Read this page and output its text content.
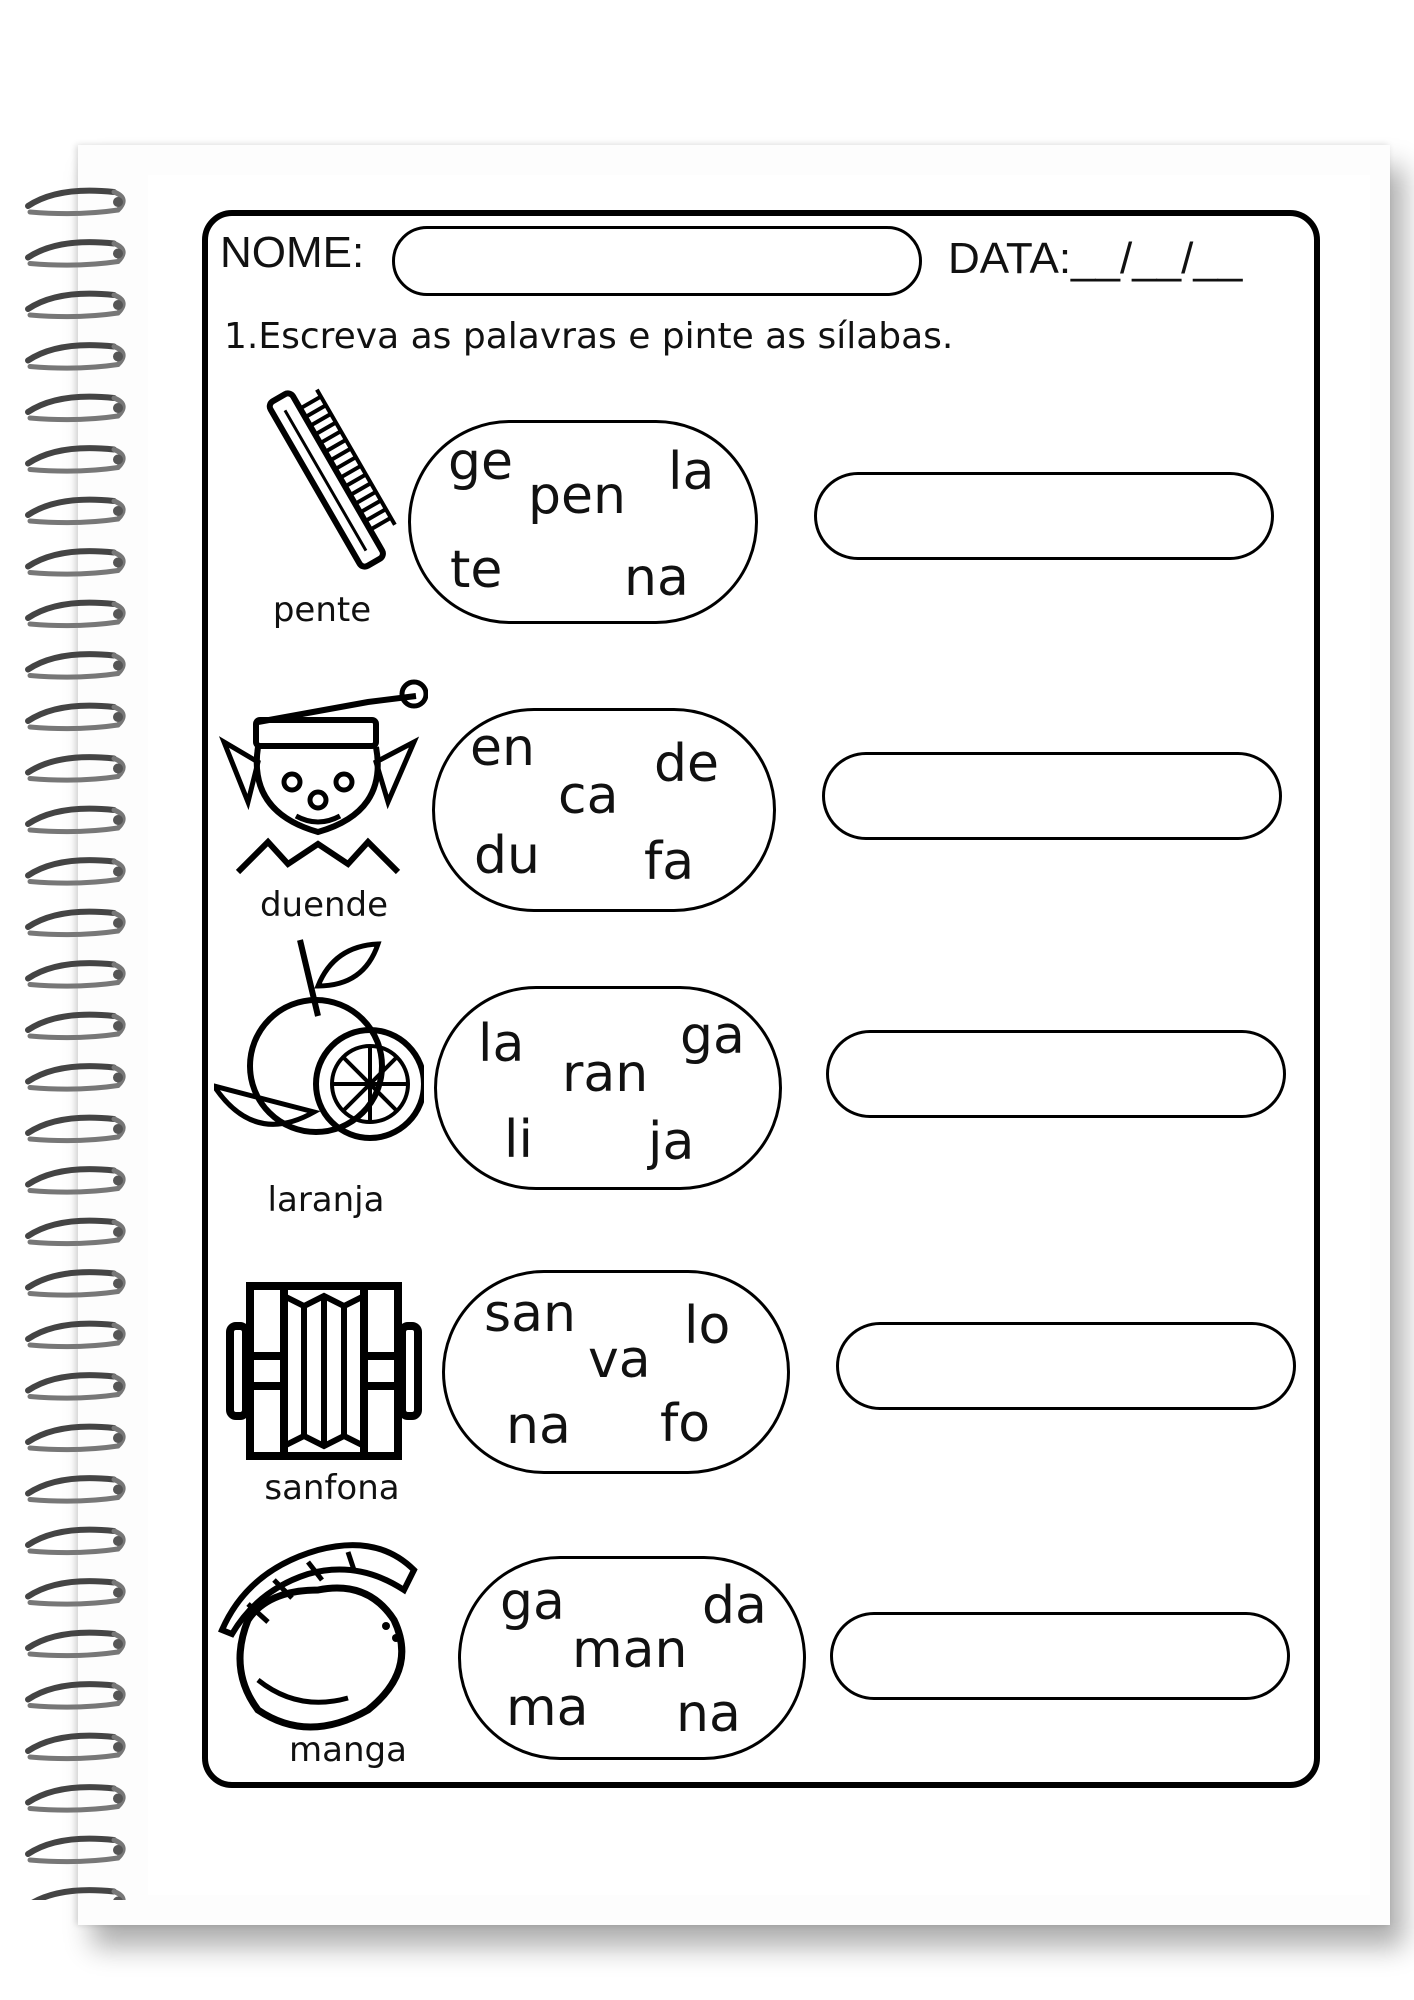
NOME:	DATA:__/__/__
1.Escreva as palavras e pinte as sílabas.
pente
ge
pen la
te na
duende
en
ca
de
du fa
laranja
la ran
ga
li ja
sanfona
san
va
lo
na fo
manga
ga
man
da
ma na
